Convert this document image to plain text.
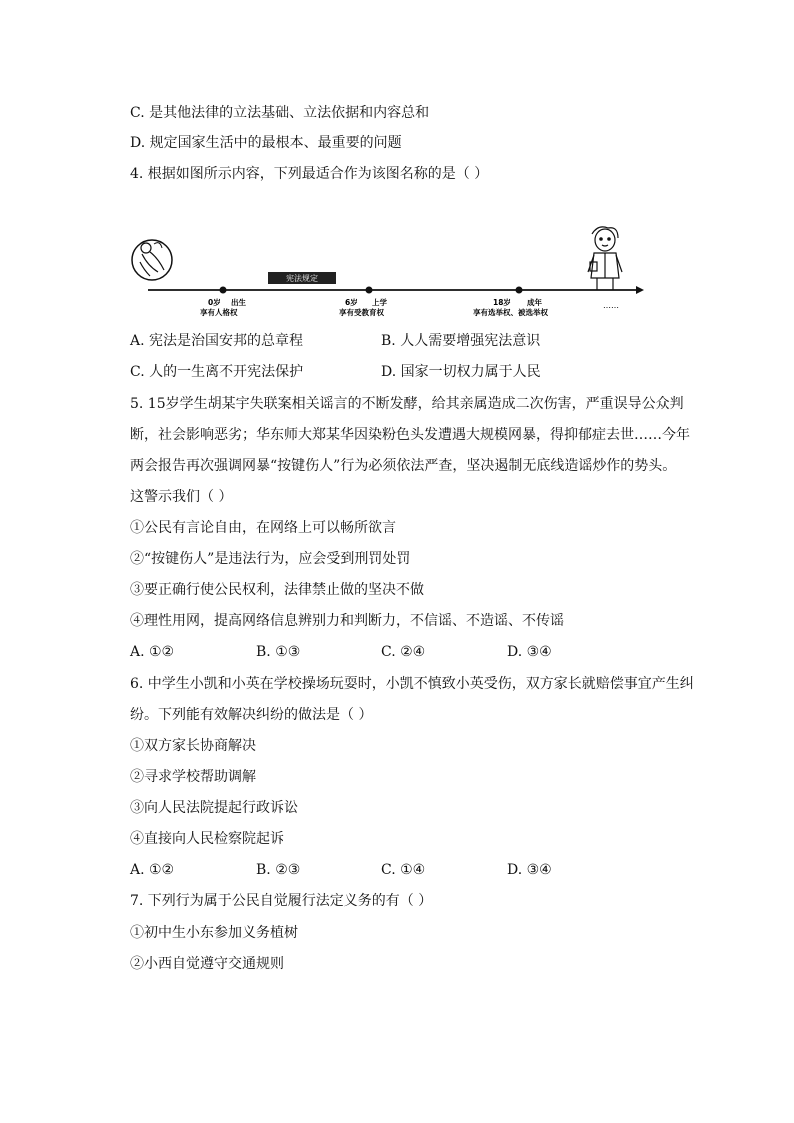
C. 是其他法律的立法基础、立法依据和内容总和
D. 规定国家生活中的最根本、最重要的问题
4. 根据如图所示内容，下列最适合作为该图名称的是（ ）
宪法规定
0岁 出生
享有人格权
6岁 上学
享有受教育权
18岁 成年
享有选举权、被选举权
……
A. 宪法是治国安邦的总章程	B. 人人需要增强宪法意识
C. 人的一生离不开宪法保护	D. 国家一切权力属于人民
5. 15岁学生胡某宇失联案相关谣言的不断发酵，给其亲属造成二次伤害，严重误导公众判
断，社会影响恶劣；华东师大郑某华因染粉色头发遭遇大规模网暴，得抑郁症去世……今年
两会报告再次强调网暴“按键伤人”行为必须依法严查，坚决遏制无底线造谣炒作的势头。
这警示我们（ ）
①公民有言论自由，在网络上可以畅所欲言
②“按键伤人”是违法行为，应会受到刑罚处罚
③要正确行使公民权利，法律禁止做的坚决不做
④理性用网，提高网络信息辨别力和判断力，不信谣、不造谣、不传谣
A. ①②	B. ①③	C. ②④	D. ③④
6. 中学生小凯和小英在学校操场玩耍时，小凯不慎致小英受伤，双方家长就赔偿事宜产生纠
纷。下列能有效解决纠纷的做法是（ ）
①双方家长协商解决
②寻求学校帮助调解
③向人民法院提起行政诉讼
④直接向人民检察院起诉
A. ①②	B. ②③	C. ①④	D. ③④
7. 下列行为属于公民自觉履行法定义务的有（ ）
①初中生小东参加义务植树
②小西自觉遵守交通规则
